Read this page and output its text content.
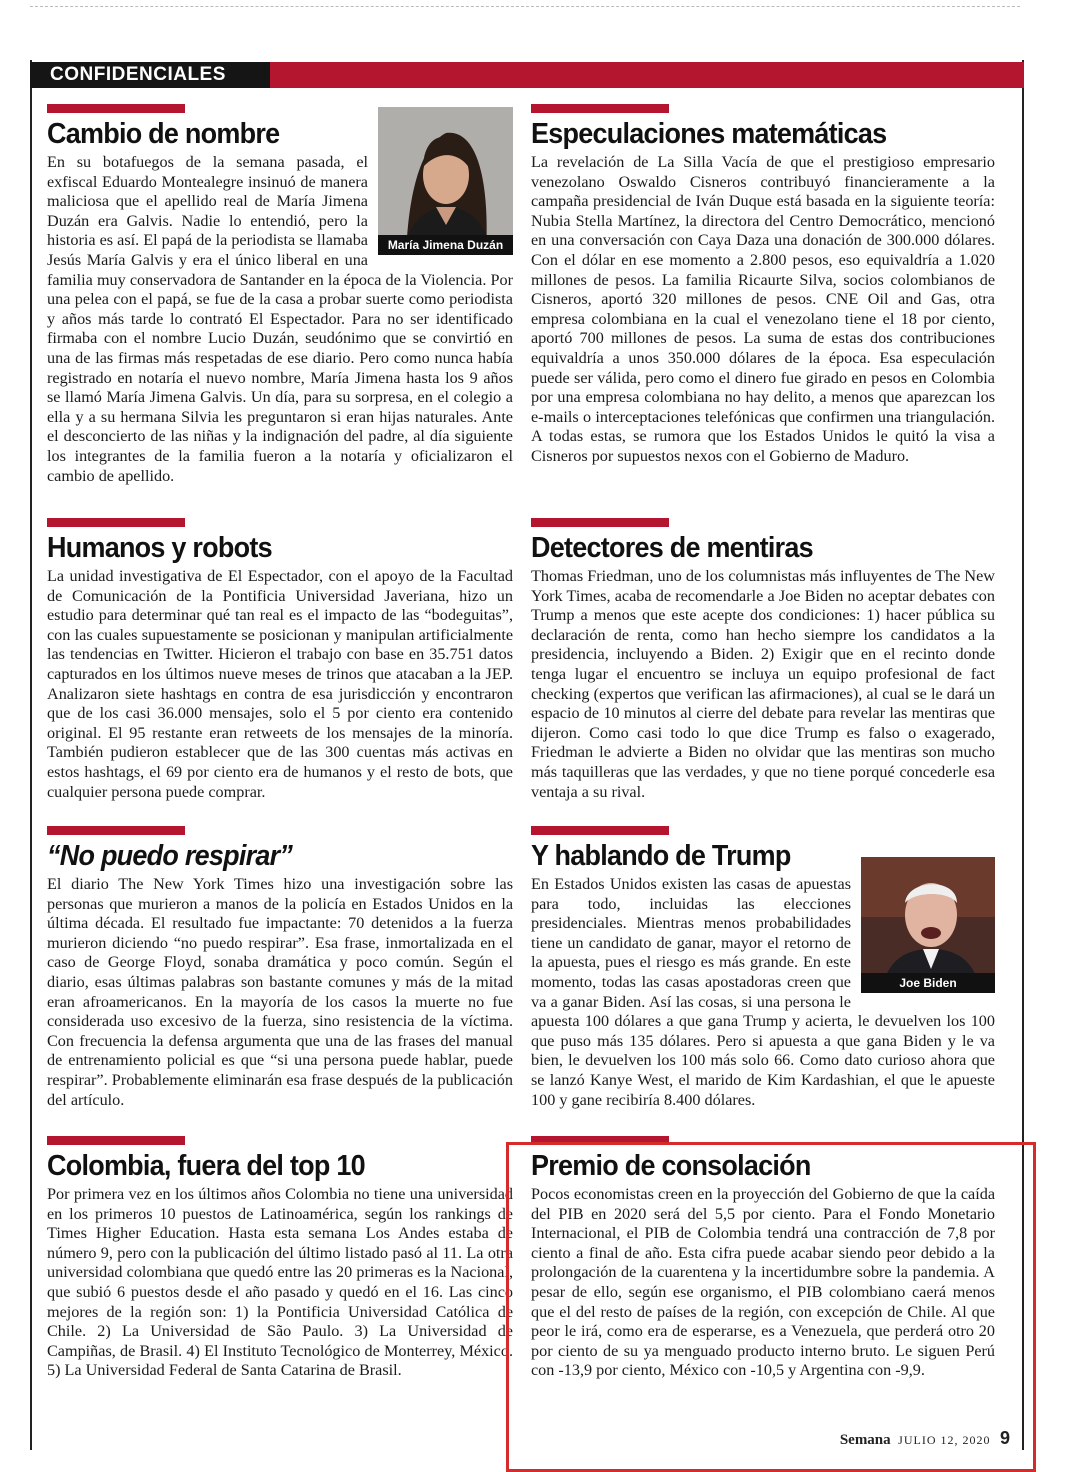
CONFIDENCIALES
Cambio de nombre
María Jimena Duzán

En su botafuegos de la semana pasada, el exfiscal Eduardo Montealegre insinuó de manera maliciosa que el apellido real de María Jimena Duzán era Galvis. Nadie lo entendió, pero la historia es así. El papá de la periodista se llamaba Jesús María Galvis y era el único liberal en una familia muy conservadora de Santander en la época de la Violencia. Por una pelea con el papá, se fue de la casa a probar suerte como periodista y años más tarde lo contrató El Espectador. Para no ser identificado firmaba con el nombre Lucio Duzán, seudónimo que se convirtió en una de las firmas más respetadas de ese diario. Pero como nunca había registrado en notaría el nuevo nombre, María Jimena hasta los 9 años se llamó María Jimena Galvis. Un día, para su sorpresa, en el colegio a ella y a su hermana Silvia les preguntaron si eran hijas naturales. Ante el desconcierto de las niñas y la indignación del padre, al día siguiente los integrantes de la familia fueron a la notaría y oficializaron el cambio de apellido.

Especulaciones matemáticas

La revelación de La Silla Vacía de que el prestigioso empresario venezolano Oswaldo Cisneros contribuyó financieramente a la campaña presidencial de Iván Duque está basada en la siguiente teoría: Nubia Stella Martínez, la directora del Centro Democrático, mencionó en una conversación con Caya Daza una donación de 300.000 dólares. Con el dólar en ese momento a 2.800 pesos, eso equivaldría a 1.020 millones de pesos. La familia Ricaurte Silva, socios colombianos de Cisneros, aportó 320 millones de pesos. CNE Oil and Gas, otra empresa colombiana en la cual el venezolano tiene el 18 por ciento, aportó 700 millones de pesos. La suma de estas dos contribuciones equivaldría a unos 350.000 dólares de la época. Esa especulación puede ser válida, pero como el dinero fue girado en pesos en Colombia por una empresa colombiana no hay delito, a menos que aparezcan los e-mails o interceptaciones telefónicas que confirmen una triangulación. A todas estas, se rumora que los Estados Unidos le quitó la visa a Cisneros por supuestos nexos con el Gobierno de Maduro.

Humanos y robots

La unidad investigativa de El Espectador, con el apoyo de la Facultad de Comunicación de la Pontificia Universidad Javeriana, hizo un estudio para determinar qué tan real es el impacto de las “bodeguitas”, con las cuales supuestamente se posicionan y manipulan artificialmente las tendencias en Twitter. Hicieron el trabajo con base en 35.751 datos capturados en los últimos nueve meses de trinos que atacaban a la JEP. Analizaron siete hashtags en contra de esa jurisdicción y encontraron que de los casi 36.000 mensajes, solo el 5 por ciento era contenido original. El 95 restante eran retweets de los mensajes de la minoría. También pudieron establecer que de las 300 cuentas más activas en estos hashtags, el 69 por ciento era de humanos y el resto de bots, que cualquier persona puede comprar.

Detectores de mentiras

Thomas Friedman, uno de los columnistas más influyentes de The New York Times, acaba de recomendarle a Joe Biden no aceptar debates con Trump a menos que este acepte dos condiciones: 1) hacer pública su declaración de renta, como han hecho siempre los candidatos a la presidencia, incluyendo a Biden. 2) Exigir que en el recinto donde tenga lugar el encuentro se incluya un equipo profesional de fact checking (expertos que verifican las afirmaciones), al cual se le dará un espacio de 10 minutos al cierre del debate para revelar las mentiras que dijeron. Como casi todo lo que dice Trump es falso o exagerado, Friedman le advierte a Biden no olvidar que las mentiras son mucho más taquilleras que las verdades, y que no tiene porqué concederle esa ventaja a su rival.

“No puedo respirar”

El diario The New York Times hizo una investigación sobre las personas que murieron a manos de la policía en Estados Unidos en la última década. El resultado fue impactante: 70 detenidos a la fuerza murieron diciendo “no puedo respirar”. Esa frase, inmortalizada en el caso de George Floyd, sonaba dramática y poco común. Según el diario, esas últimas palabras son bastante comunes y más de la mitad eran afroamericanos. En la mayoría de los casos la muerte no fue considerada uso excesivo de la fuerza, sino resistencia de la víctima. Con frecuencia la defensa argumenta que una de las frases del manual de entrenamiento policial es que “si una persona puede hablar, puede respirar”. Probablemente eliminarán esa frase después de la publicación del artículo.

Y hablando de Trump
Joe Biden

En Estados Unidos existen las casas de apuestas para todo, incluidas las elecciones presidenciales. Mientras menos probabilidades tiene un candidato de ganar, mayor el retorno de la apuesta, pues el riesgo es más grande. En este momento, todas las casas apostadoras creen que va a ganar Biden. Así las cosas, si una persona le apuesta 100 dólares a que gana Trump y acierta, le devuelven los 100 que puso más 135 dólares. Pero si apuesta a que gana Biden y le va bien, le devuelven los 100 más solo 66. Como dato curioso ahora que se lanzó Kanye West, el marido de Kim Kardashian, el que le apueste 100 y gane recibiría 8.400 dólares.

Colombia, fuera del top 10

Por primera vez en los últimos años Colombia no tiene una universidad en los primeros 10 puestos de Latinoamérica, según los rankings de Times Higher Education. Hasta esta semana Los Andes estaba de número 9, pero con la publicación del último listado pasó al 11. La otra universidad colombiana que quedó entre las 20 primeras es la Nacional, que subió 6 puestos desde el año pasado y quedó en el 16. Las cinco mejores de la región son: 1) la Pontificia Universidad Católica de Chile. 2) La Universidad de São Paulo. 3) La Universidad de Campiñas, de Brasil. 4) El Instituto Tecnológico de Monterrey, México. 5) La Universidad Federal de Santa Catarina de Brasil.

Premio de consolación

Pocos economistas creen en la proyección del Gobierno de que la caída del PIB en 2020 será del 5,5 por ciento. Para el Fondo Monetario Internacional, el PIB de Colombia tendrá una contracción de 7,8 por ciento a final de año. Esta cifra puede acabar siendo peor debido a la prolongación de la cuarentena y la incertidumbre sobre la pandemia. A pesar de ello, según ese organismo, el PIB colombiano caerá menos que el del resto de países de la región, con excepción de Chile. Al que peor le irá, como era de esperarse, es a Venezuela, que perderá otro 20 por ciento de su ya menguado producto interno bruto. Le siguen Perú con -13,9 por ciento, México con -10,5 y Argentina con -9,9.

Semana JULIO 12, 2020 9
